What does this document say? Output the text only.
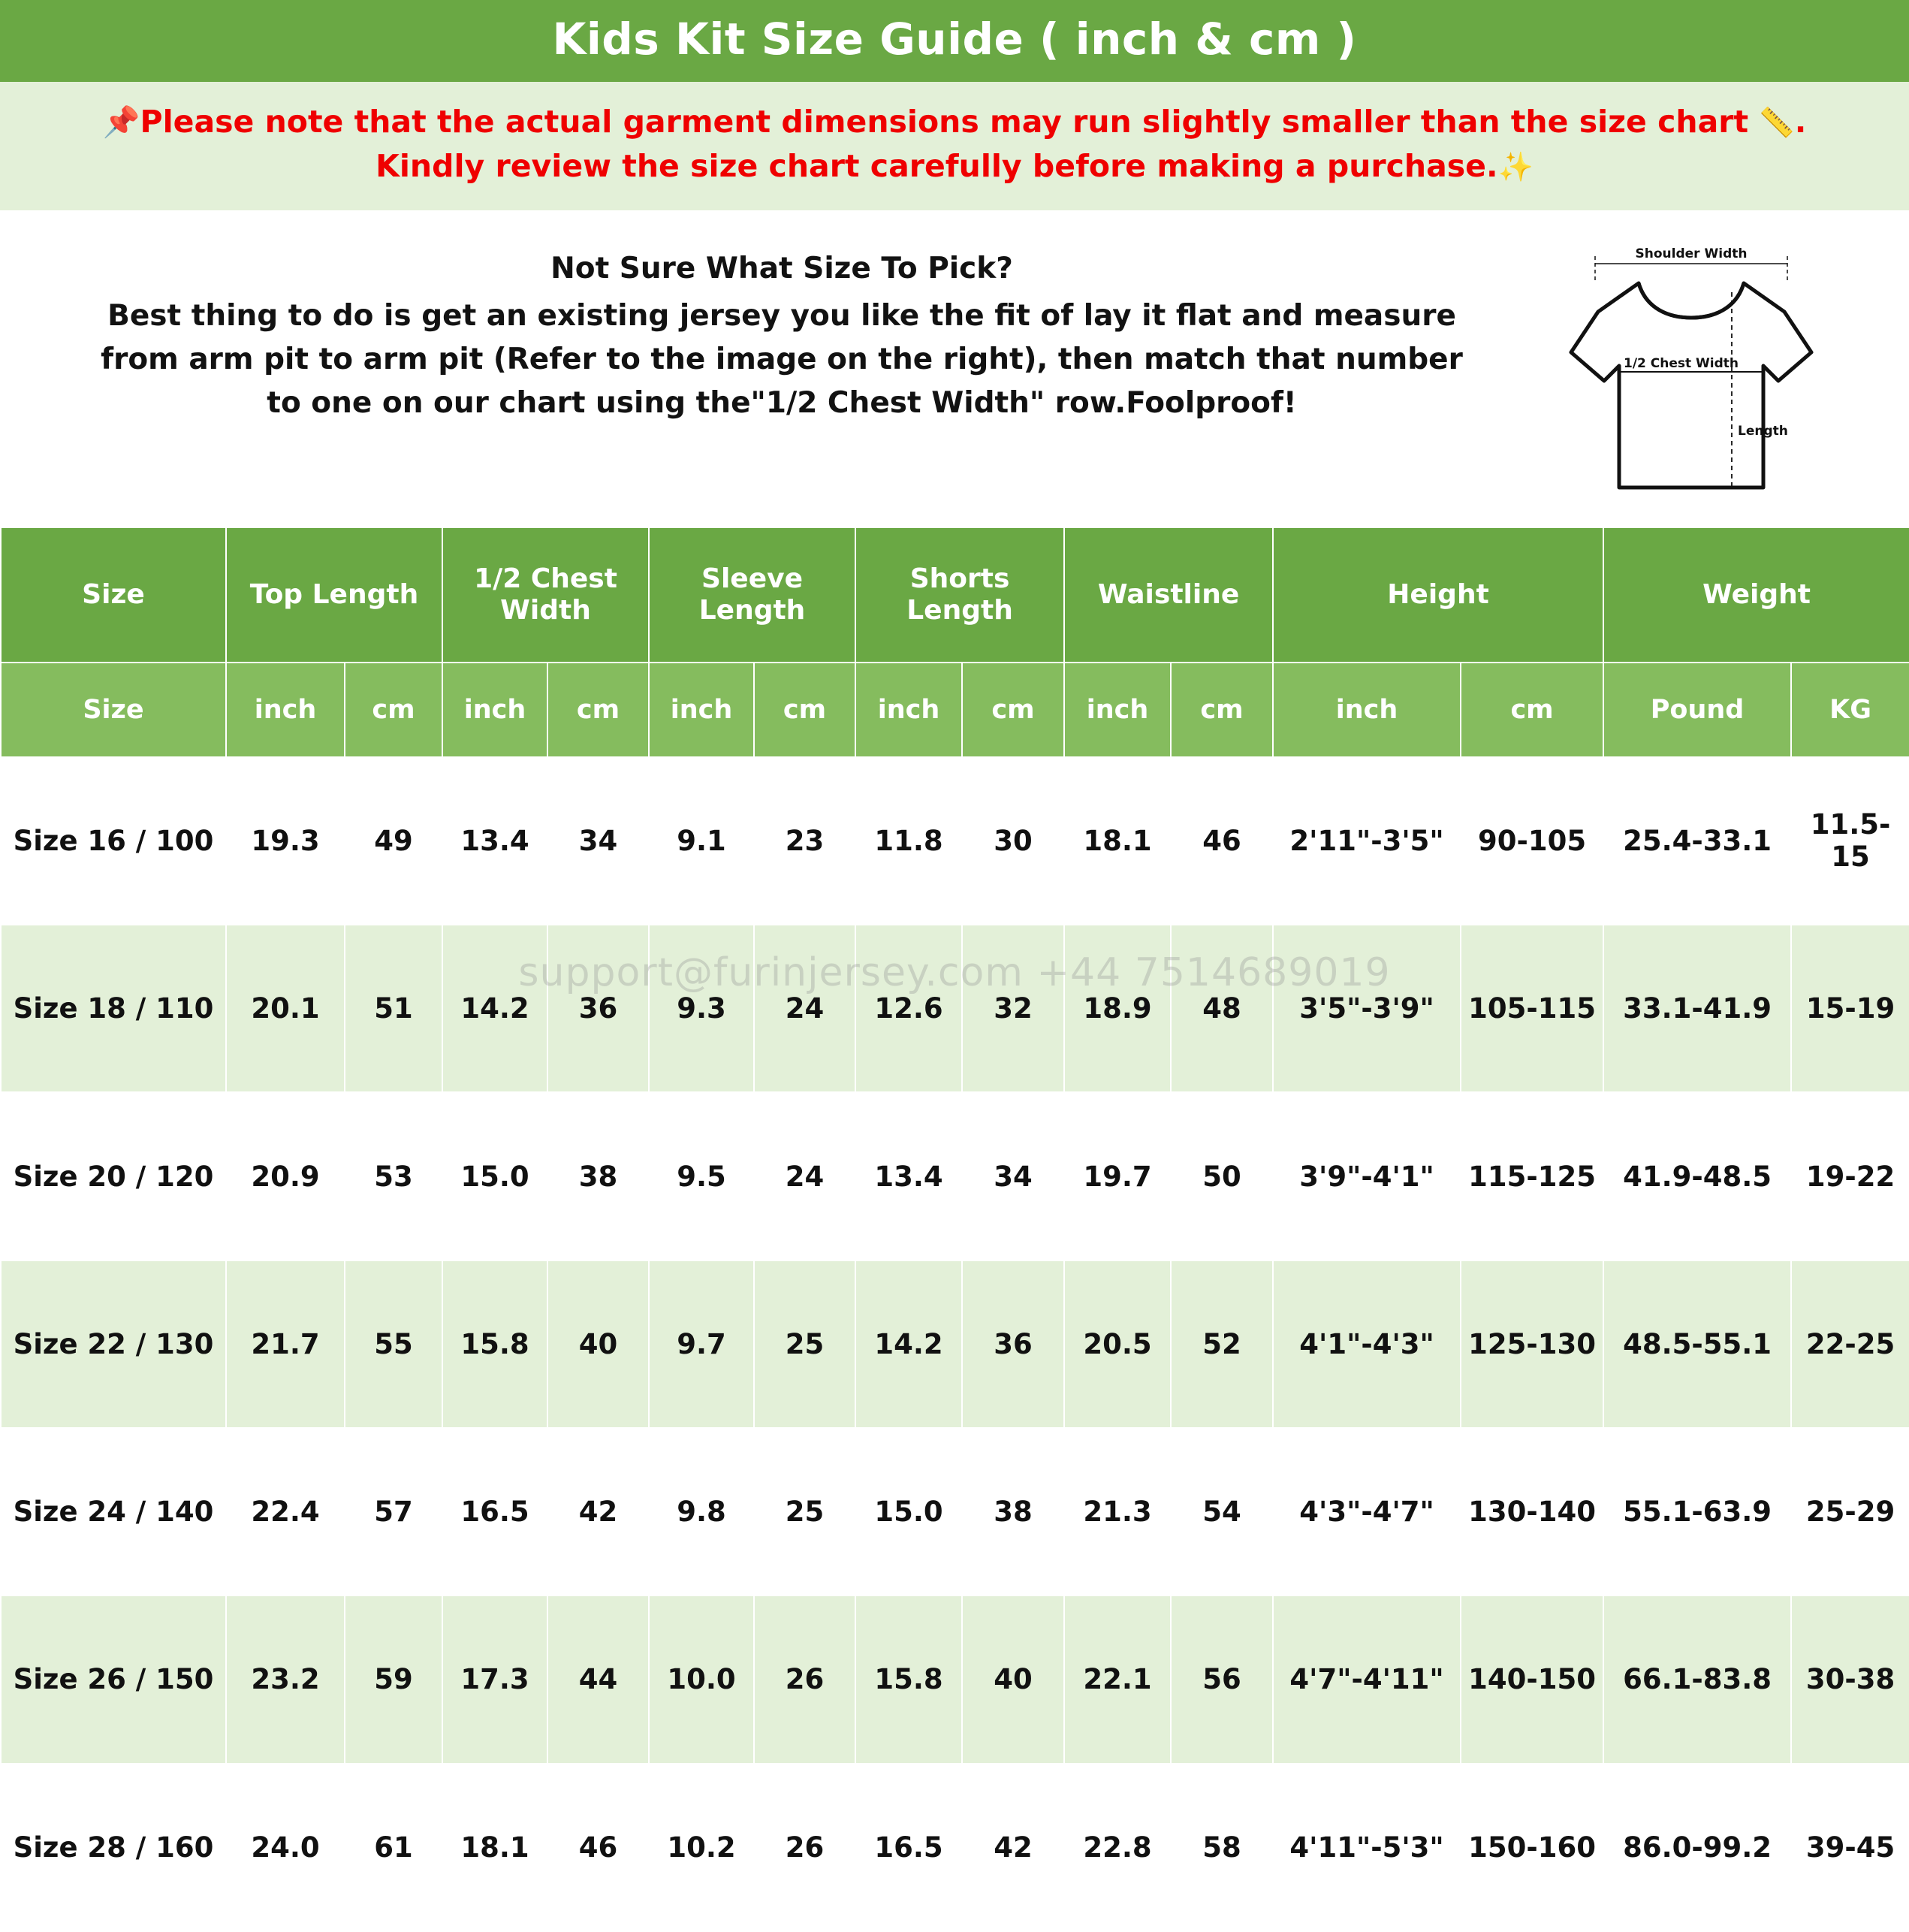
Kids Kit Size Guide ( inch & cm )
📌Please note that the actual garment dimensions may run slightly smaller than the size chart 📏.
Kindly review the size chart carefully before making a purchase.✨
Not Sure What Size To Pick?
Best thing to do is get an existing jersey you like the fit of lay it flat and measure
from arm pit to arm pit (Refer to the image on the right), then match that number
to one on our chart using the"1/2 Chest Width" row.Foolproof!
Shoulder Width
1/2 Chest Width
Length
Size	Top Length		1/2 Chest Width		Sleeve Length		Shorts Length		Waistline		Height		Weight	
Size	inch	cm	inch	cm	inch	cm	inch	cm	inch	cm	inch	cm	Pound	KG
Size 16 / 100	19.3	49	13.4	34	9.1	23	11.8	30	18.1	46	2'11"-3'5"	90-105	25.4-33.1	11.5-15
Size 18 / 110	20.1	51	14.2	36	9.3	24	12.6	32	18.9	48	3'5"-3'9"	105-115	33.1-41.9	15-19
Size 20 / 120	20.9	53	15.0	38	9.5	24	13.4	34	19.7	50	3'9"-4'1"	115-125	41.9-48.5	19-22
Size 22 / 130	21.7	55	15.8	40	9.7	25	14.2	36	20.5	52	4'1"-4'3"	125-130	48.5-55.1	22-25
Size 24 / 140	22.4	57	16.5	42	9.8	25	15.0	38	21.3	54	4'3"-4'7"	130-140	55.1-63.9	25-29
Size 26 / 150	23.2	59	17.3	44	10.0	26	15.8	40	22.1	56	4'7"-4'11"	140-150	66.1-83.8	30-38
Size 28 / 160	24.0	61	18.1	46	10.2	26	16.5	42	22.8	58	4'11"-5'3"	150-160	86.0-99.2	39-45
support@furinjersey.com +44 7514689019
